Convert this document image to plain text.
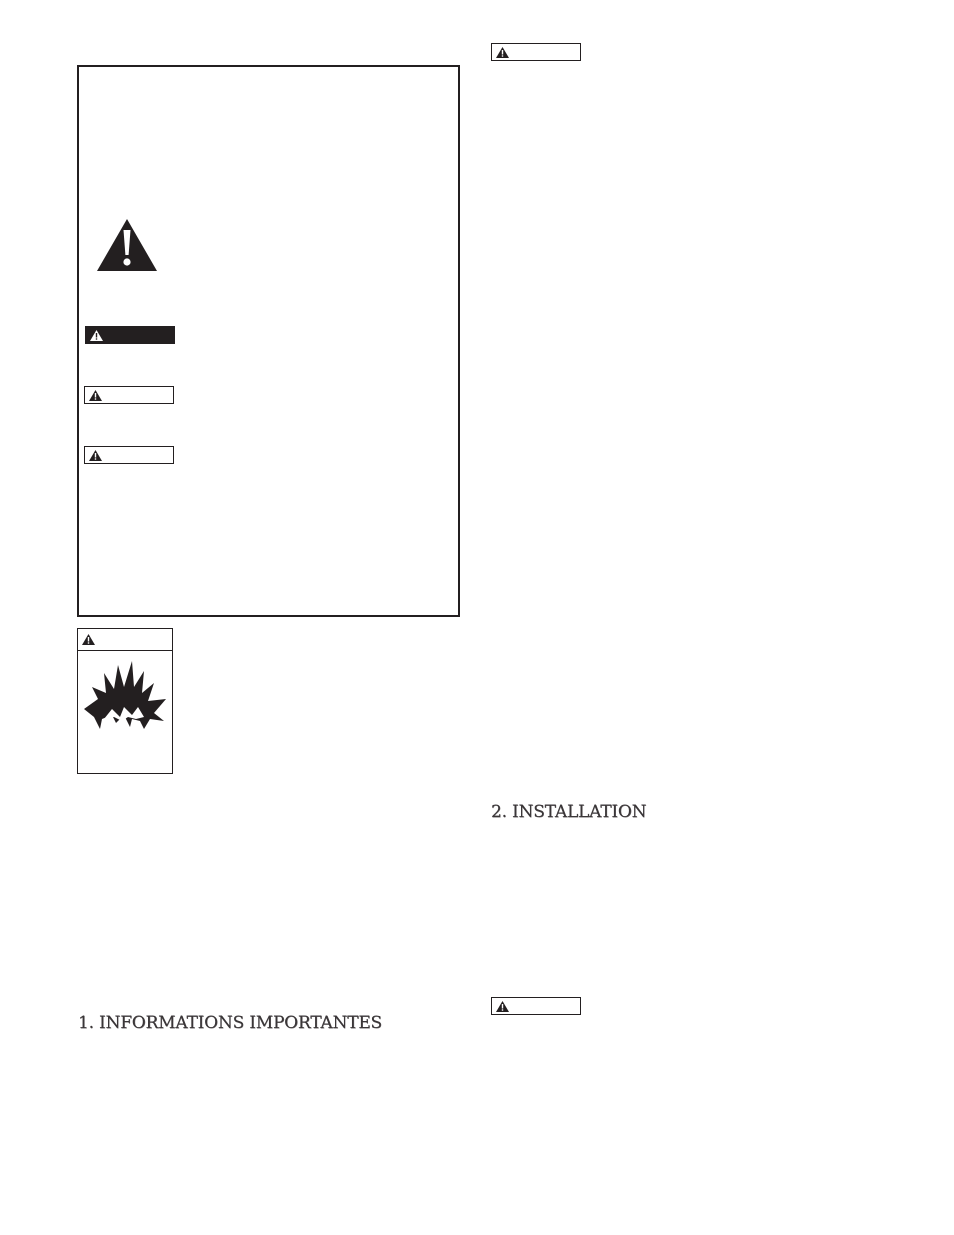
1. INFORMATIONS IMPORTANTES
2. INSTALLATION
